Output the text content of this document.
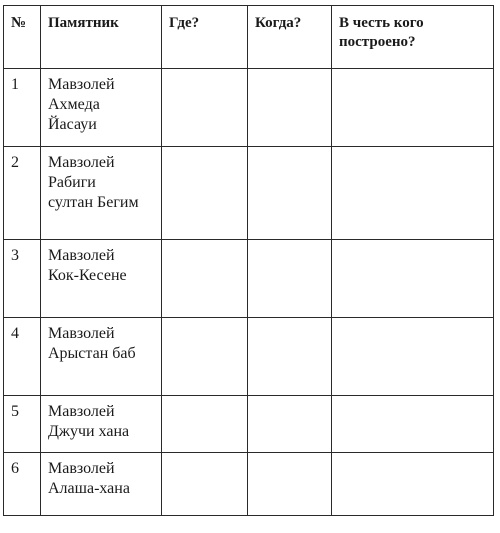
№	Памятник	Где?	Когда?	В честь кого
построено?

1	Мавзолей
Ахмеда
Йасауи			

2	Мавзолей
Рабиги
султан Бегим			

3	Мавзолей
Кок-Кесене			

4	Мавзолей
Арыстан баб			

5	Мавзолей
Джучи хана			

6	Мавзолей
Алаша-хана			
